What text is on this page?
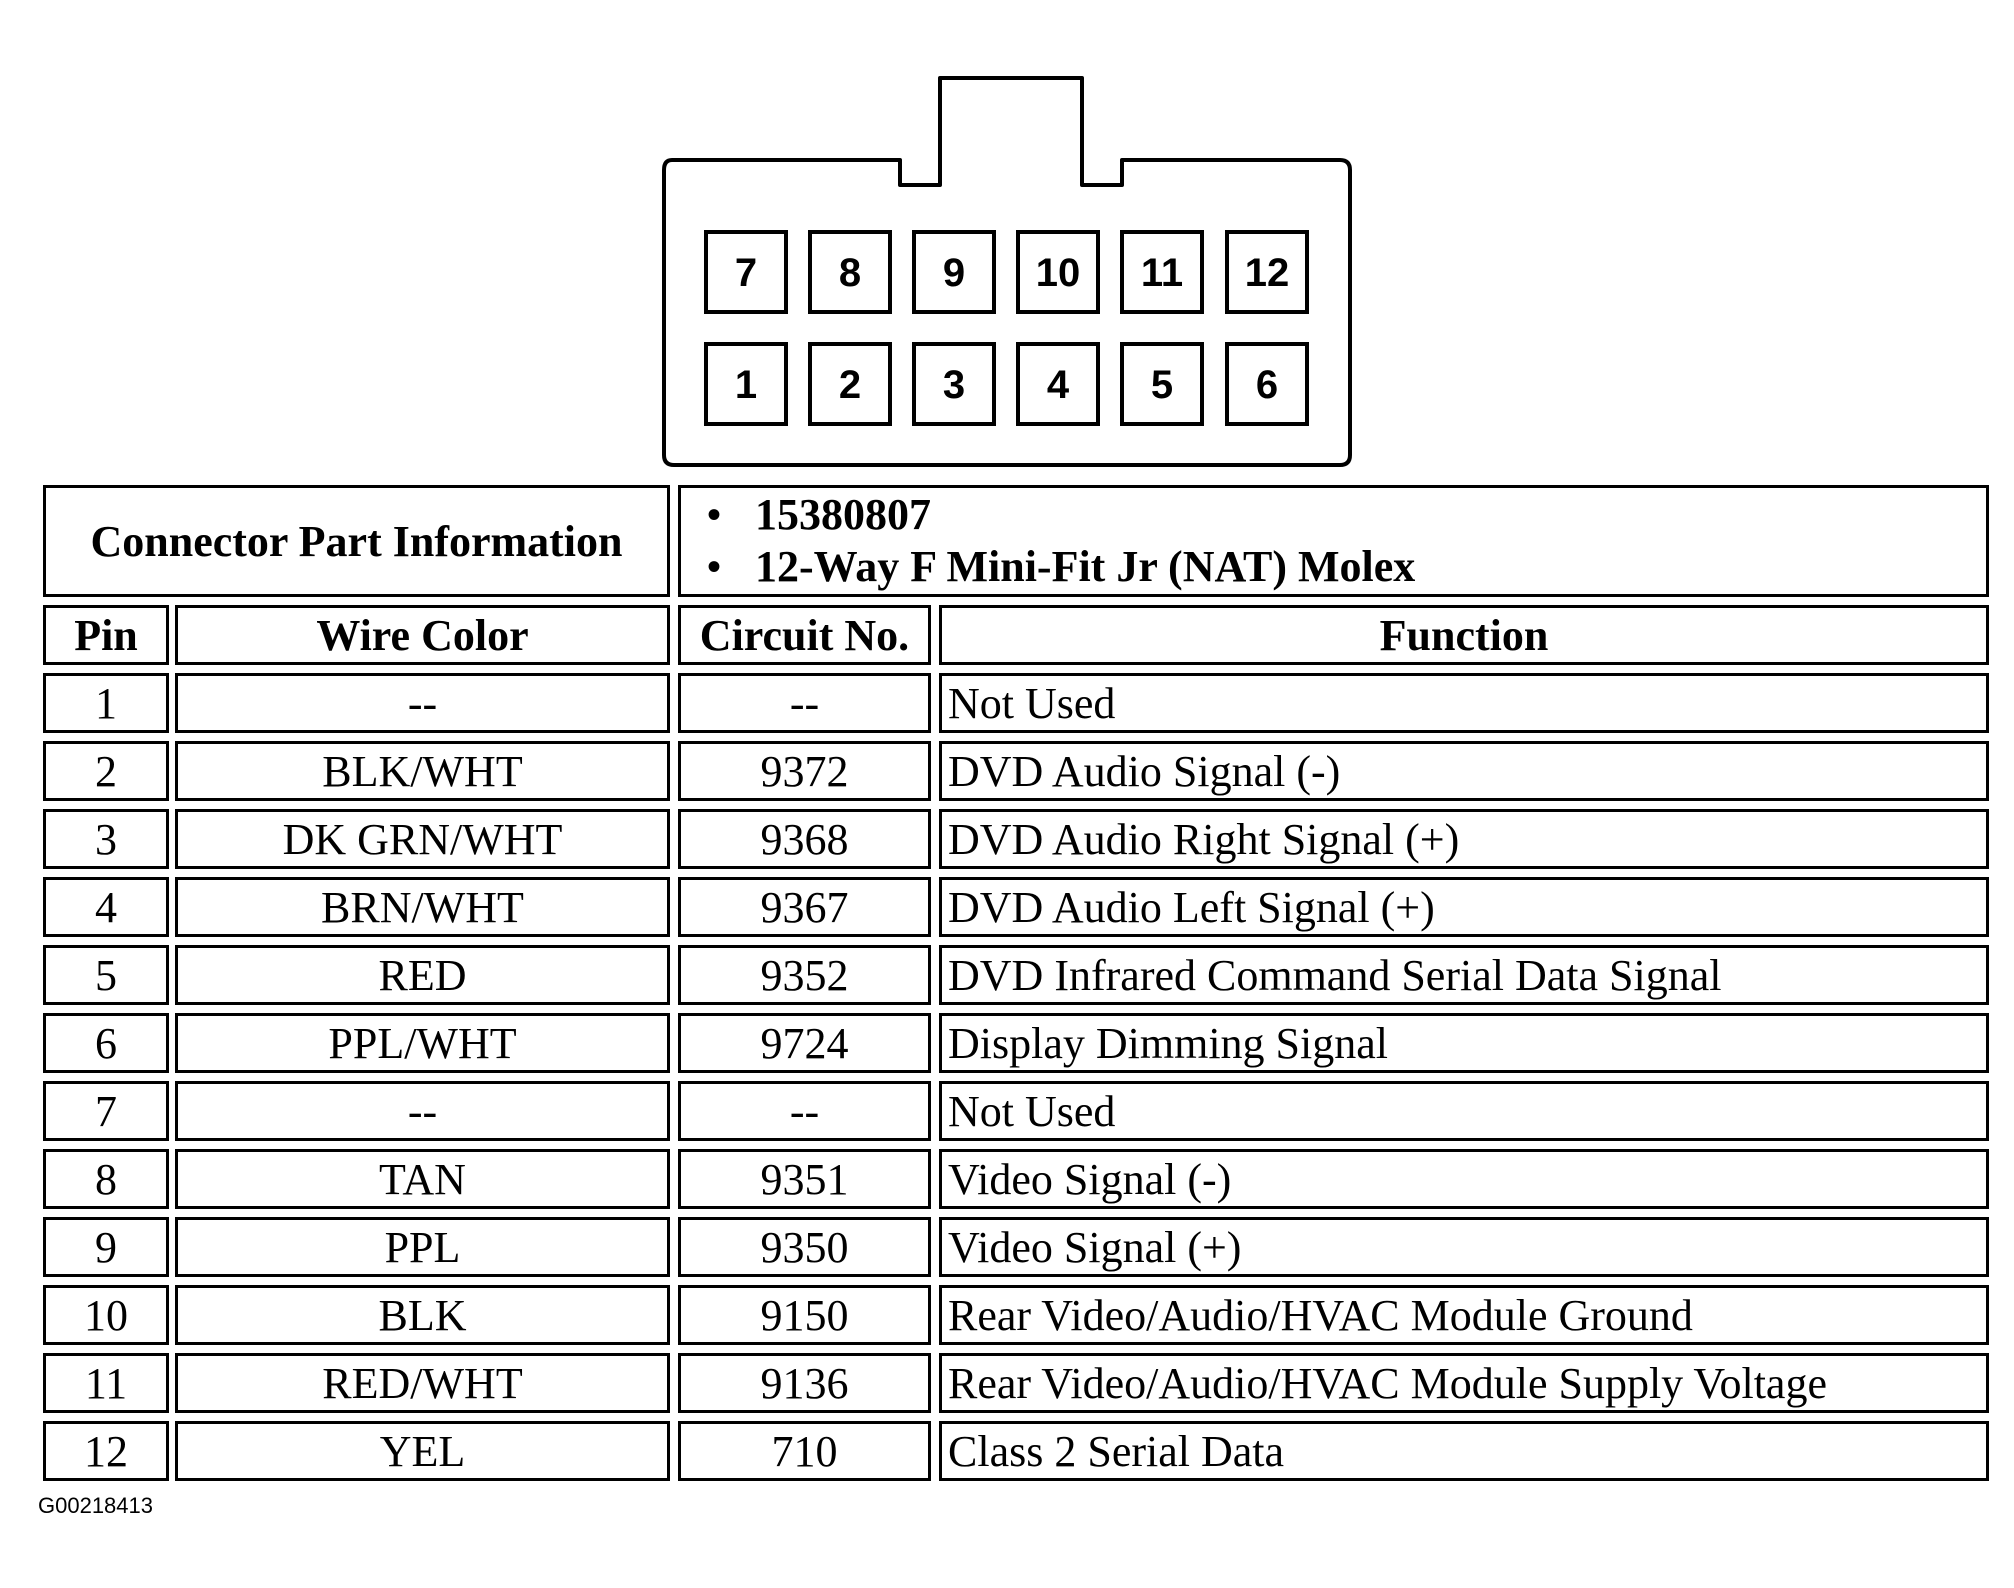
7 8 9 10 11 12
1 2 3 4 5 6
Connector Part Information
• 15380807
• 12-Way F Mini-Fit Jr (NAT) Molex
Pin	Wire Color	Circuit No.	Function
1	--	--	Not Used
2	BLK/WHT	9372 DVD Audio Signal (-)
3	DK GRN/WHT	9368 DVD Audio Right Signal (+)
4	BRN/WHT	9367 DVD Audio Left Signal (+)
5	RED	9352 DVD Infrared Command Serial Data Signal
6	PPL/WHT	9724 Display Dimming Signal
7	--	--	Not Used
8	TAN	9351 Video Signal (-)
9	PPL	9350 Video Signal (+)
10	BLK	9150 Rear Video/Audio/HVAC Module Ground
11	RED/WHT	9136 Rear Video/Audio/HVAC Module Supply Voltage
12	YEL	710	Class 2 Serial Data
G00218413
